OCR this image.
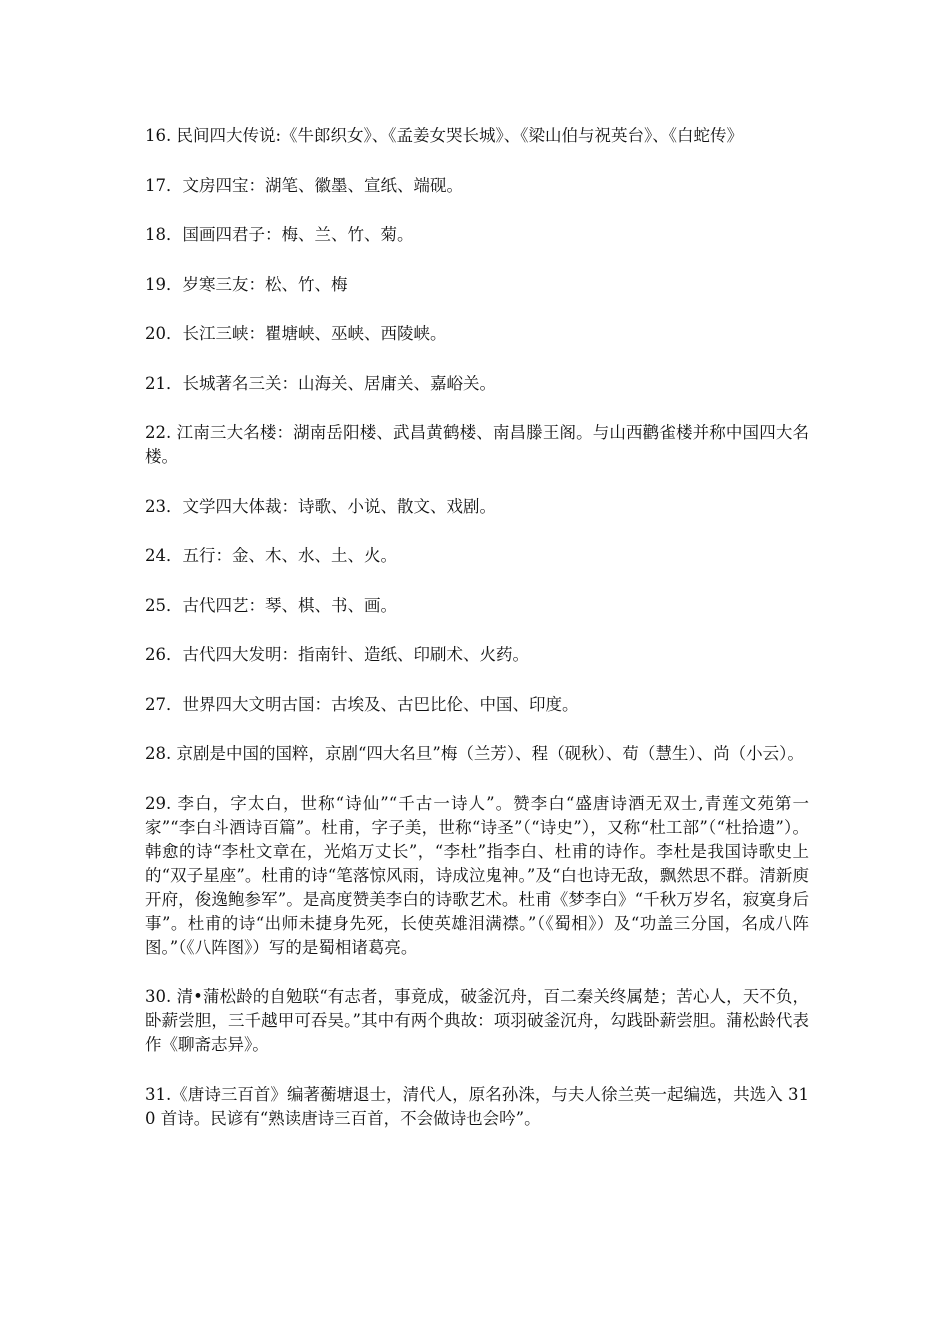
16. 民间四大传说:《牛郎织女》、《孟姜女哭长城》、《梁山伯与祝英台》、《白蛇传》

17．文房四宝：湖笔、徽墨、宣纸、端砚。

18．国画四君子：梅、兰、竹、菊。

19．岁寒三友：松、竹、梅

20．长江三峡：瞿塘峡、巫峡、西陵峡。

21．长城著名三关：山海关、居庸关、嘉峪关。

22. 江南三大名楼：湖南岳阳楼、武昌黄鹤楼、南昌滕王阁。与山西鹳雀楼并称中国四大名楼。

23．文学四大体裁：诗歌、小说、散文、戏剧。

24．五行：金、木、水、土、火。

25．古代四艺：琴、棋、书、画。

26．古代四大发明：指南针、造纸、印刷术、火药。

27．世界四大文明古国：古埃及、古巴比伦、中国、印度。

28. 京剧是中国的国粹，京剧“四大名旦”梅（兰芳）、程（砚秋）、荀（慧生）、尚（小云）。

29. 李白，字太白，世称“诗仙”“千古一诗人”。赞李白“盛唐诗酒无双士,青莲文苑第一家”“李白斗酒诗百篇”。杜甫，字子美，世称“诗圣”（“诗史”），又称“杜工部”（“杜拾遗”）。韩愈的诗“李杜文章在，光焰万丈长”，“李杜”指李白、杜甫的诗作。李杜是我国诗歌史上的“双子星座”。杜甫的诗“笔落惊风雨，诗成泣鬼神。”及“白也诗无敌，飘然思不群。清新庾开府，俊逸鲍参军”。是高度赞美李白的诗歌艺术。杜甫《梦李白》“千秋万岁名，寂寞身后事”。杜甫的诗“出师未捷身先死，长使英雄泪满襟。”（《蜀相》）及“功盖三分国，名成八阵图。”（《八阵图》）写的是蜀相诸葛亮。

30. 清•蒲松龄的自勉联“有志者，事竟成，破釜沉舟，百二秦关终属楚；苦心人，天不负，卧薪尝胆，三千越甲可吞吴。”其中有两个典故：项羽破釜沉舟，勾践卧薪尝胆。蒲松龄代表作《聊斋志异》。

31.《唐诗三百首》编著蘅塘退士，清代人，原名孙洙，与夫人徐兰英一起编选，共选入 310 首诗。民谚有“熟读唐诗三百首，不会做诗也会吟”。
